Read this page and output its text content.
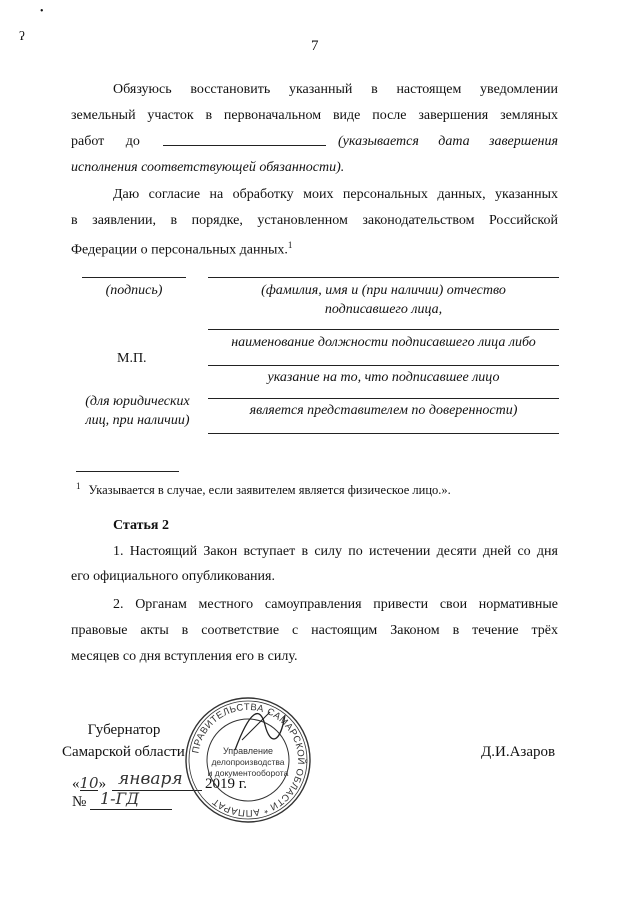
•
ʔ
7
Обязуюсь восстановить указанный в настоящем уведомлении
земельный участок в первоначальном виде после завершения земляных
работ до	(указывается дата завершения
исполнения соответствующей обязанности).
Даю согласие на обработку моих персональных данных, указанных
в заявлении, в порядке, установленном законодательством Российской
Федерации о персональных данных.$^1$
(подпись)	(фамилия, имя и (при наличии) отчество
подписавшего лица,
наименование должности подписавшего лица либо
М.П.
указание на то, что подписавшее лицо
(для юридических
является представителем по доверенности)
лиц, при наличии)
$^1$ Указывается в случае, если заявителем является физическое лицо.».
Статья 2
1. Настоящий Закон вступает в силу по истечении десяти дней со дня
его официального опубликования.
2. Органам местного самоуправления привести свои нормативные
правовые акты в соответствие с настоящим Законом в течение трёх
месяцев со дня вступления его в силу.
Губернатор
Самарской области	Д.И.Азаров
«10» января 2019 г.
№ 1-ГД
ПРАВИТЕЛЬСТВА САМАРСКОЙ ОБЛАСТИ * АППАРАТ
Управление
делопроизводства
и документооборота
